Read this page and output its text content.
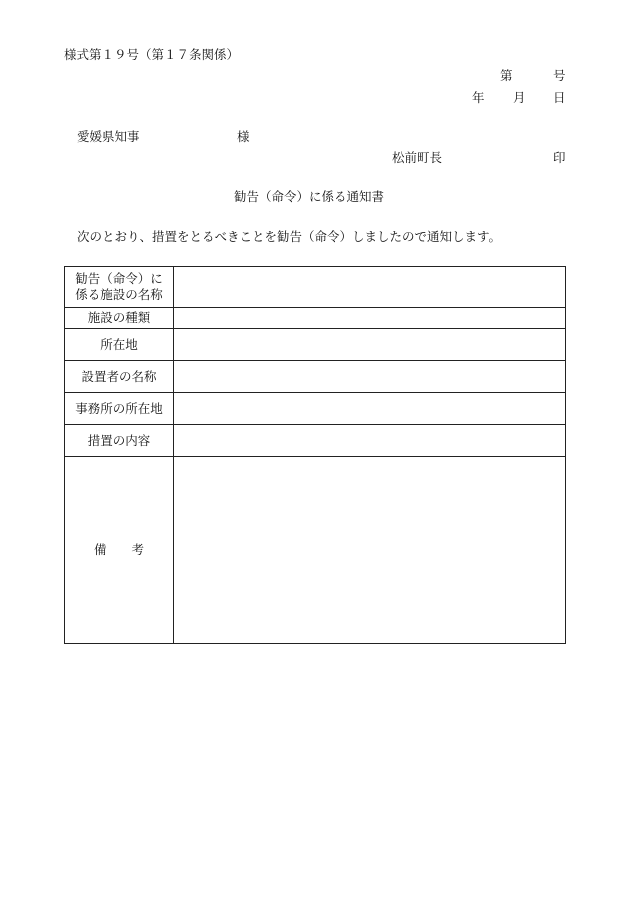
様式第１９号（第１７条関係）
第	号
年 月 日
愛媛県知事	様
松前町長	印
勧告（命令）に係る通知書
次のとおり、措置をとるべきことを勧告（命令）しましたので通知します。
勧告（命令）に
係る施設の名称	

施設の種類	
所在地	
設置者の名称	
事務所の所在地	
措置の内容	
備　　考	
